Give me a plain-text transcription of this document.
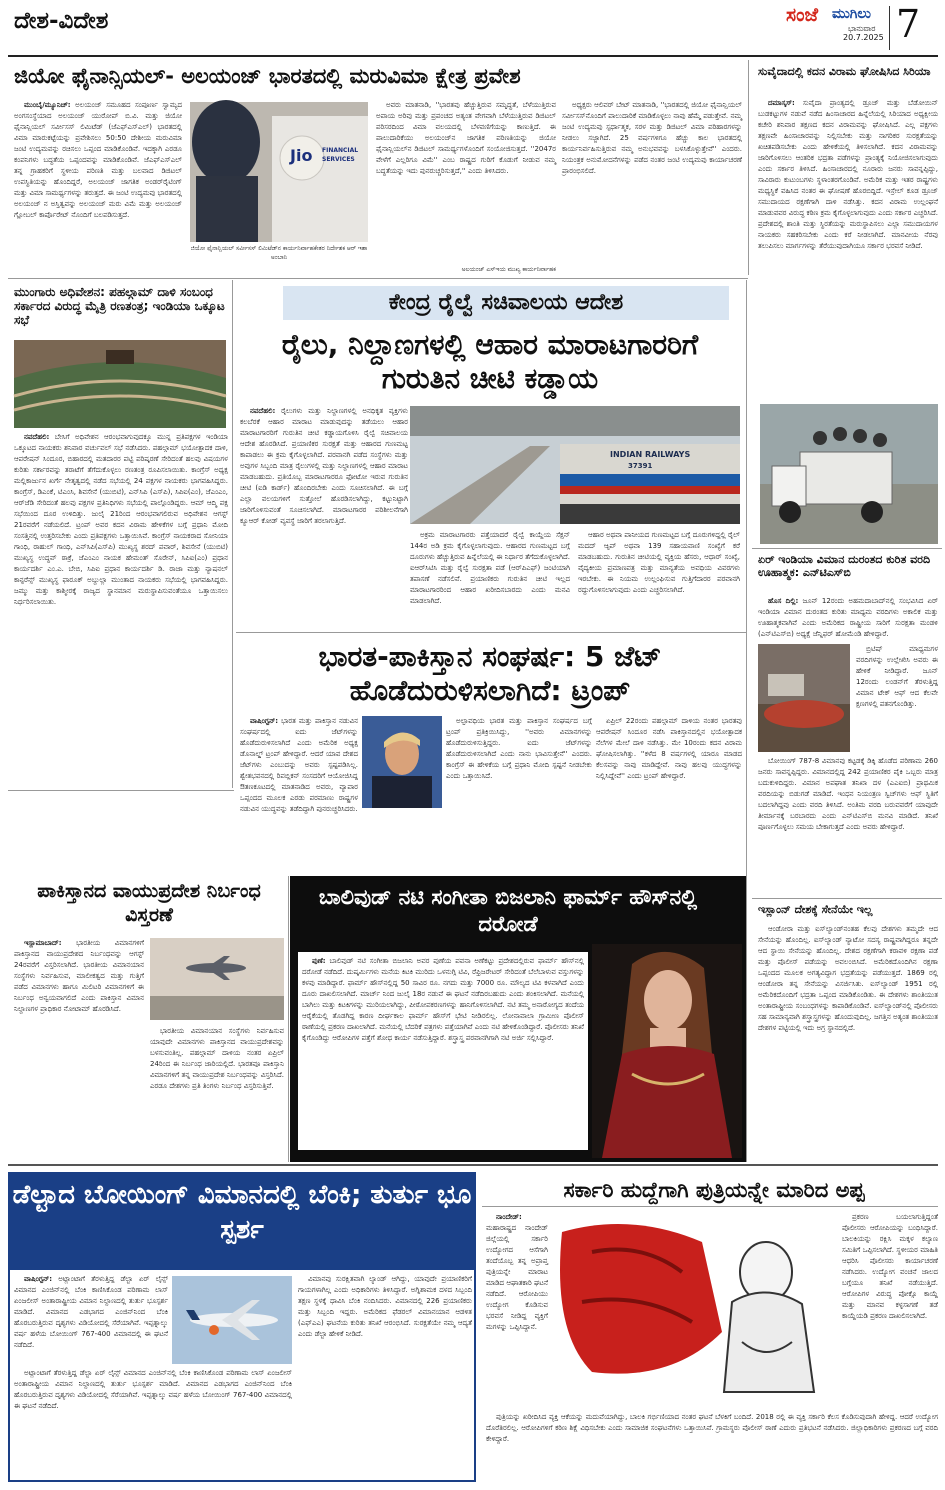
ದೇಶ-ವಿದೇಶ	ಸಂಜೆ ಮುಗಿಲು
ಭಾನುವಾರ
20.7.2025 7
ಜಿಯೋ ಫೈನಾನ್ಸಿಯಲ್- ಅಲಯಂಜ್ ಭಾರತದಲ್ಲಿ ಮರುವಿಮಾ ಕ್ಷೇತ್ರ ಪ್ರವೇಶ

ಮುಂಬೈ/ಮ್ಯೂನಿಚ್: ಅಲಯಂಜ್ ಸಮೂಹದ ಸಂಪೂರ್ಣ ಸ್ವಾಮ್ಯದ ಅಂಗಸಂಸ್ಥೆಯಾದ ಅಲಯಂಜ್ ಯುರೋಪ್ ಬಿ.ವಿ. ಮತ್ತು ಜಿಯೋ ಫೈನಾನ್ಷಿಯಲ್ ಸರ್ವೀಸಸ್ ಲಿಮಿಟೆಡ್ (ಜೆಎಫ್‌ಎಸ್‌ಎಲ್) ಭಾರತದಲ್ಲಿ ವಿಮಾ ಮಾರುಕಟ್ಟೆಯನ್ನು ಪ್ರವೇಶಿಸಲು 50:50 ದೇಶೀಯ ಮರುವಿಮಾ ಜಂಟಿ ಉದ್ಯಮವನ್ನು ರಚಿಸಲು ಒಪ್ಪಂದ ಮಾಡಿಕೊಂಡಿವೆ. ಇದಕ್ಕಾಗಿ ಎರಡೂ ಕಂಪನಿಗಳು ಬದ್ಧತೆಯ ಒಪ್ಪಂದವನ್ನು ಮಾಡಿಕೊಂಡಿವೆ. ಜೆಎಫ್‌ಎಸ್‌ಎಲ್ ತನ್ನ ಗ್ರಾಹಕರಿಗೆ ಸ್ಥಳೀಯ ಪರಿಣತಿ ಮತ್ತು ಬಲವಾದ ಡಿಜಿಟಲ್ ಉಪಸ್ಥಿತಿಯನ್ನು ಹೊಂದಿದ್ದರೆ, ಅಲಯಂಜ್ ಜಾಗತಿಕ ಅಂಡರ್‌ರೈಟಿಂಗ್ ಮತ್ತು ವಿಮಾ ಸಾಮರ್ಥ್ಯಗಳನ್ನು ತರುತ್ತದೆ. ಈ ಜಂಟಿ ಉದ್ಯಮವು ಭಾರತದಲ್ಲಿ ಅಲಯಂಜ್ ನ ಅಸ್ತಿತ್ವವನ್ನು ಅಲಯಂಜ್ ಮರು ವಿಮೆ ಮತ್ತು ಅಲಯಂಜ್ ಗ್ಲೋಬಲ್ ಕಾರ್ಪೊರೇಟ್ ನೊಂದಿಗೆ ಬಲಪಡಿಸುತ್ತದೆ.

Jio FINANCIAL SERVICES
ಜಿಯೋ ಫೈನಾನ್ಷಿಯಲ್ ಸರ್ವೀಸಸ್ ಲಿಮಿಟೆಡ್‌ನ ಕಾರ್ಯನಿರ್ವಾಹಕೇತರ ನಿರ್ದೇಶಕ ಆರ್ ಇಶಾ ಅಂಬಾನಿ

ಅವರು ಮಾತನಾಡಿ, ''ಭಾರತವು ಹೆಚ್ಚುತ್ತಿರುವ ಸಮೃದ್ಧತೆ, ಬೆಳೆಯುತ್ತಿರುವ ಅಪಾಯ ಅರಿವು ಮತ್ತು ಪ್ರಪಂಚದ ಅತ್ಯಂತ ವೇಗವಾಗಿ ಬೆಳೆಯುತ್ತಿರುವ ಡಿಜಿಟಲ್ ಪರಿಸರದಿಂದ ವಿಮಾ ವಲಯದಲ್ಲಿ ಬೆಳವಣಿಗೆಯನ್ನು ಕಾಣುತ್ತಿದೆ. ಈ ಪಾಲುದಾರಿಕೆಯು ಅಲಯಂಜ್‌ನ ಜಾಗತಿಕ ಪರಿಣತಿಯನ್ನು ಜಿಯೋ ಫೈನಾನ್ಷಿಯಲ್‌ನ ಡಿಜಿಟಲ್ ಸಾಮರ್ಥ್ಯಗಳೊಂದಿಗೆ ಸಂಯೋಜಿಸುತ್ತದೆ. ''2047ರ ವೇಳೆಗೆ ಎಲ್ಲರಿಗೂ ವಿಮೆ'' ಎಂಬ ರಾಷ್ಟ್ರದ ಗುರಿಗೆ ಕೊಡುಗೆ ನೀಡುವ ನಮ್ಮ ಬದ್ಧತೆಯನ್ನು ಇದು ಪುನರುಚ್ಚರಿಸುತ್ತದೆ,'' ಎಂದು ತಿಳಿಸಿದರು.

ಅಲಯಂಜ್ ಎಸ್‌ಇಯ ಮುಖ್ಯ ಕಾರ್ಯನಿರ್ವಾಹಕ

ಅಧ್ಯಕ್ಷರು ಆಲಿವರ್ ಬೇಟ್ ಮಾತನಾಡಿ, ''ಭಾರತದಲ್ಲಿ ಜಿಯೋ ಫೈನಾನ್ಷಿಯಲ್ ಸರ್ವೀಸಸ್‌ನೊಂದಿಗೆ ಪಾಲುದಾರಿಕೆ ಮಾಡಿಕೊಳ್ಳಲು ನಾವು ಹೆಮ್ಮೆ ಪಡುತ್ತೇವೆ. ನಮ್ಮ ಜಂಟಿ ಉದ್ಯಮವು ಸ್ಪರ್ಧಾತ್ಮಕ, ಸರಳ ಮತ್ತು ಡಿಜಿಟಲ್ ವಿಮಾ ಪರಿಹಾರಗಳನ್ನು ನೀಡಲು ಸಜ್ಜಾಗಿದೆ. 25 ವರ್ಷಗಳಿಗೂ ಹೆಚ್ಚು ಕಾಲ ಭಾರತದಲ್ಲಿ ಕಾರ್ಯನಿರ್ವಹಿಸುತ್ತಿರುವ ನಮ್ಮ ಅನುಭವವನ್ನು ಬಳಸಿಕೊಳ್ಳುತ್ತೇವೆ'' ಎಂದರು. ನಿಯಂತ್ರಕ ಅನುಮೋದನೆಗಳನ್ನು ಪಡೆದ ನಂತರ ಜಂಟಿ ಉದ್ಯಮವು ಕಾರ್ಯಾಚರಣೆ ಪ್ರಾರಂಭಿಸಲಿದೆ.

ಸುವೈದಾದಲ್ಲಿ ಕದನ ವಿರಾಮ ಘೋಷಿಸಿದ ಸಿರಿಯಾ

ದಮಾಸ್ಕಸ್: ಸುವೈದಾ ಪ್ರಾಂತ್ಯದಲ್ಲಿ ಡ್ರೂಜ್ ಮತ್ತು ಬೆಡೋಯಿನ್ ಬುಡಕಟ್ಟುಗಳ ನಡುವೆ ನಡೆದ ಹಿಂಸಾಚಾರದ ಹಿನ್ನೆಲೆಯಲ್ಲಿ ಸಿರಿಯಾದ ಅಧ್ಯಕ್ಷೀಯ ಕಚೇರಿ ಶನಿವಾರ ತಕ್ಷಣದ ಕದನ ವಿರಾಮವನ್ನು ಘೋಷಿಸಿದೆ. ಎಲ್ಲ ಪಕ್ಷಗಳು ತಕ್ಷಣವೇ ಹಿಂಸಾಚಾರವನ್ನು ನಿಲ್ಲಿಸಬೇಕು ಮತ್ತು ನಾಗರಿಕರ ಸುರಕ್ಷತೆಯನ್ನು ಖಚಿತಪಡಿಸಬೇಕು ಎಂದು ಹೇಳಿಕೆಯಲ್ಲಿ ತಿಳಿಸಲಾಗಿದೆ. ಕದನ ವಿರಾಮವನ್ನು ಜಾರಿಗೊಳಿಸಲು ಆಂತರಿಕ ಭದ್ರತಾ ಪಡೆಗಳನ್ನು ಪ್ರಾಂತ್ಯಕ್ಕೆ ನಿಯೋಜಿಸಲಾಗುವುದು ಎಂದು ಸರ್ಕಾರ ತಿಳಿಸಿದೆ. ಹಿಂಸಾಚಾರದಲ್ಲಿ ನೂರಾರು ಜನರು ಸಾವನ್ನಪ್ಪಿದ್ದು, ಸಾವಿರಾರು ಕುಟುಂಬಗಳು ಸ್ಥಳಾಂತರಗೊಂಡಿವೆ. ಅಮೆರಿಕ ಮತ್ತು ಇತರ ರಾಷ್ಟ್ರಗಳು ಮಧ್ಯಸ್ಥಿಕೆ ವಹಿಸಿದ ನಂತರ ಈ ಘೋಷಣೆ ಹೊರಬಿದ್ದಿದೆ. ಇಸ್ರೇಲ್ ಕೂಡ ಡ್ರೂಜ್ ಸಮುದಾಯದ ರಕ್ಷಣೆಗಾಗಿ ದಾಳಿ ನಡೆಸಿತ್ತು. ಕದನ ವಿರಾಮ ಉಲ್ಲಂಘನೆ ಮಾಡುವವರ ವಿರುದ್ಧ ಕಠಿಣ ಕ್ರಮ ಕೈಗೊಳ್ಳಲಾಗುವುದು ಎಂದು ಸರ್ಕಾರ ಎಚ್ಚರಿಸಿದೆ. ಪ್ರದೇಶದಲ್ಲಿ ಶಾಂತಿ ಮತ್ತು ಸ್ಥಿರತೆಯನ್ನು ಮರುಸ್ಥಾಪಿಸಲು ಎಲ್ಲಾ ಸಮುದಾಯಗಳ ನಾಯಕರು ಸಹಕರಿಸಬೇಕು ಎಂದು ಕರೆ ನೀಡಲಾಗಿದೆ. ಮಾನವೀಯ ನೆರವು ತಲುಪಿಸಲು ಮಾರ್ಗಗಳನ್ನು ತೆರೆಯುವುದಾಗಿಯೂ ಸರ್ಕಾರ ಭರವಸೆ ನೀಡಿದೆ.

ಏರ್ ಇಂಡಿಯಾ ವಿಮಾನ ದುರಂತದ ಕುರಿತ ವರದಿ ಊಹಾತ್ಮಕ: ಎನ್‌ಟಿಎಸ್‌ಬಿ

ಹೊಸ ದಿಲ್ಲಿ: ಜೂನ್ 12ರಂದು ಅಹಮದಾಬಾದ್‌ನಲ್ಲಿ ಸಂಭವಿಸಿದ ಏರ್ ಇಂಡಿಯಾ ವಿಮಾನ ದುರಂತದ ಕುರಿತು ಮಾಧ್ಯಮ ವರದಿಗಳು ಅಕಾಲಿಕ ಮತ್ತು ಊಹಾತ್ಮಕವಾಗಿವೆ ಎಂದು ಅಮೆರಿಕದ ರಾಷ್ಟ್ರೀಯ ಸಾರಿಗೆ ಸುರಕ್ಷತಾ ಮಂಡಳಿ (ಎನ್‌ಟಿಎಸ್‌ಬಿ) ಅಧ್ಯಕ್ಷೆ ಜೆನ್ನಿಫರ್ ಹೋಮೆಂಡಿ ಹೇಳಿದ್ದಾರೆ.

ಬ್ರಿಟಿಷ್ ಮಾಧ್ಯಮಗಳ ವರದಿಗಳನ್ನು ಉಲ್ಲೇಖಿಸಿ ಅವರು ಈ ಹೇಳಿಕೆ ನೀಡಿದ್ದಾರೆ. ಜೂನ್ 12ರಂದು ಲಂಡನ್‌ಗೆ ತೆರಳುತ್ತಿದ್ದ ವಿಮಾನ ಟೇಕ್ ಆಫ್ ಆದ ಕೆಲವೇ ಕ್ಷಣಗಳಲ್ಲಿ ಪತನಗೊಂಡಿತ್ತು.

ಬೋಯಿಂಗ್ 787-8 ವಿಮಾನವು ಕಟ್ಟಡಕ್ಕೆ ಡಿಕ್ಕಿ ಹೊಡೆದ ಪರಿಣಾಮ 260 ಜನರು ಸಾವನ್ನಪ್ಪಿದ್ದರು. ವಿಮಾನದಲ್ಲಿದ್ದ 242 ಪ್ರಯಾಣಿಕರ ಪೈಕಿ ಒಬ್ಬರು ಮಾತ್ರ ಬದುಕುಳಿದಿದ್ದರು. ವಿಮಾನ ಅಪಘಾತ ತನಿಖಾ ದಳ (ಎಎಐಬಿ) ಪ್ರಾಥಮಿಕ ವರದಿಯನ್ನು ಬಿಡುಗಡೆ ಮಾಡಿದೆ. ಇಂಧನ ನಿಯಂತ್ರಣ ಸ್ವಿಚ್‌ಗಳು ಆಫ್ ಸ್ಥಿತಿಗೆ ಬದಲಾಗಿದ್ದವು ಎಂದು ವರದಿ ತಿಳಿಸಿದೆ. ಅಂತಿಮ ವರದಿ ಬರುವವರೆಗೆ ಯಾವುದೇ ತೀರ್ಮಾನಕ್ಕೆ ಬರಬಾರದು ಎಂದು ಎನ್‌ಟಿಎಸ್‌ಬಿ ಮನವಿ ಮಾಡಿದೆ. ತನಿಖೆ ಪೂರ್ಣಗೊಳ್ಳಲು ಸಮಯ ಬೇಕಾಗುತ್ತದೆ ಎಂದು ಅವರು ಹೇಳಿದ್ದಾರೆ.

ಇಸ್ಲಾಂನ್ ದೇಶಕ್ಕೆ ಸೇನೆಯೇ ಇಲ್ಲ

ಆಂಡೋರಾ ಮತ್ತು ಐಸ್‌ಲ್ಯಾಂಡ್‌ನಂತಹ ಕೆಲವು ದೇಶಗಳು ತಮ್ಮದೇ ಆದ ಸೇನೆಯನ್ನು ಹೊಂದಿಲ್ಲ. ಐಸ್‌ಲ್ಯಾಂಡ್ ನ್ಯಾಟೋ ಸದಸ್ಯ ರಾಷ್ಟ್ರವಾಗಿದ್ದರೂ ತನ್ನದೇ ಆದ ಸ್ಥಾಯಿ ಸೇನೆಯನ್ನು ಹೊಂದಿಲ್ಲ. ದೇಶದ ರಕ್ಷಣೆಗಾಗಿ ಕರಾವಳಿ ರಕ್ಷಣಾ ಪಡೆ ಮತ್ತು ಪೊಲೀಸ್ ಪಡೆಯನ್ನು ಅವಲಂಬಿಸಿದೆ. ಅಮೆರಿಕದೊಂದಿಗಿನ ರಕ್ಷಣಾ ಒಪ್ಪಂದದ ಮೂಲಕ ಅಗತ್ಯವಿದ್ದಾಗ ಭದ್ರತೆಯನ್ನು ಪಡೆಯುತ್ತದೆ. 1869 ರಲ್ಲಿ ಆಂಡೋರಾ ತನ್ನ ಸೇನೆಯನ್ನು ವಿಸರ್ಜಿಸಿತು. ಐಸ್‌ಲ್ಯಾಂಡ್ 1951 ರಲ್ಲಿ ಅಮೆರಿಕದೊಂದಿಗೆ ಭದ್ರತಾ ಒಪ್ಪಂದ ಮಾಡಿಕೊಂಡಿತು. ಈ ದೇಶಗಳು ಶಾಂತಿಯುತ ಅಂತಾರಾಷ್ಟ್ರೀಯ ಸಂಬಂಧಗಳನ್ನು ಕಾಪಾಡಿಕೊಂಡಿವೆ. ಐಸ್‌ಲ್ಯಾಂಡ್‌ನಲ್ಲಿ ಪೊಲೀಸರು ಸಹ ಸಾಮಾನ್ಯವಾಗಿ ಶಸ್ತ್ರಾಸ್ತ್ರಗಳನ್ನು ಹೊಂದುವುದಿಲ್ಲ. ಜಗತ್ತಿನ ಅತ್ಯಂತ ಶಾಂತಿಯುತ ದೇಶಗಳ ಪಟ್ಟಿಯಲ್ಲಿ ಇದು ಅಗ್ರ ಸ್ಥಾನದಲ್ಲಿದೆ.

ಮುಂಗಾರು ಅಧಿವೇಶನ: ಪಹಲ್ಗಾಮ್ ದಾಳಿ ಸಂಬಂಧ ಸರ್ಕಾರದ ವಿರುದ್ಧ ಮೈತ್ರಿ ರಣತಂತ್ರ; ಇಂಡಿಯಾ ಒಕ್ಕೂಟ ಸಭೆ

ನವದೆಹಲಿ: ಬೇಸಿಗೆ ಅಧಿವೇಶನ ಆರಂಭವಾಗುವುದಕ್ಕೂ ಮುನ್ನ ಪ್ರತಿಪಕ್ಷಗಳ ಇಂಡಿಯಾ ಒಕ್ಕೂಟದ ನಾಯಕರು ಶನಿವಾರ ವರ್ಚುವಲ್ ಸಭೆ ನಡೆಸಿದರು. ಪಹಲ್ಗಾಮ್ ಭಯೋತ್ಪಾದಕ ದಾಳಿ, ಆಪರೇಷನ್ ಸಿಂದೂರ, ಬಿಹಾರದಲ್ಲಿ ಮತದಾರರ ಪಟ್ಟಿ ಪರಿಷ್ಕರಣೆ ಸೇರಿದಂತೆ ಹಲವು ವಿಷಯಗಳ ಕುರಿತು ಸರ್ಕಾರವನ್ನು ತರಾಟೆಗೆ ತೆಗೆದುಕೊಳ್ಳಲು ರಣತಂತ್ರ ರೂಪಿಸಲಾಯಿತು. ಕಾಂಗ್ರೆಸ್ ಅಧ್ಯಕ್ಷ ಮಲ್ಲಿಕಾರ್ಜುನ ಖರ್ಗೆ ನೇತೃತ್ವದಲ್ಲಿ ನಡೆದ ಸಭೆಯಲ್ಲಿ 24 ಪಕ್ಷಗಳ ನಾಯಕರು ಭಾಗವಹಿಸಿದ್ದರು. ಕಾಂಗ್ರೆಸ್, ಡಿಎಂಕೆ, ಟಿಎಂಸಿ, ಶಿವಸೇನೆ (ಯುಬಿಟಿ), ಎನ್‌ಸಿಪಿ (ಎಸ್‌ಪಿ), ಸಿಪಿಐ(ಎಂ), ಜೆಎಂಎಂ, ಆರ್‌ಜೆಡಿ ಸೇರಿದಂತೆ ಹಲವು ಪಕ್ಷಗಳ ಪ್ರತಿನಿಧಿಗಳು ಸಭೆಯಲ್ಲಿ ಪಾಲ್ಗೊಂಡಿದ್ದರು. ಆಮ್ ಆದ್ಮಿ ಪಕ್ಷ ಸಭೆಯಿಂದ ದೂರ ಉಳಿದಿತ್ತು. ಜುಲೈ 21ರಿಂದ ಆರಂಭವಾಗಲಿರುವ ಅಧಿವೇಶನ ಆಗಸ್ಟ್ 21ರವರೆಗೆ ನಡೆಯಲಿದೆ. ಟ್ರಂಪ್ ಅವರ ಕದನ ವಿರಾಮ ಹೇಳಿಕೆಗಳ ಬಗ್ಗೆ ಪ್ರಧಾನಿ ಮೋದಿ ಸಂಸತ್ತಿನಲ್ಲಿ ಉತ್ತರಿಸಬೇಕು ಎಂದು ಪ್ರತಿಪಕ್ಷಗಳು ಒತ್ತಾಯಿಸಿವೆ. ಕಾಂಗ್ರೆಸ್ ನಾಯಕರಾದ ಸೋನಿಯಾ ಗಾಂಧಿ, ರಾಹುಲ್ ಗಾಂಧಿ, ಎನ್‌ಸಿಪಿ(ಎಸ್‌ಪಿ) ಮುಖ್ಯಸ್ಥ ಶರದ್ ಪವಾರ್, ಶಿವಸೇನೆ (ಯುಬಿಟಿ) ಮುಖ್ಯಸ್ಥ ಉದ್ಧವ್ ಠಾಕ್ರೆ, ಜೆಎಂಎಂ ನಾಯಕ ಹೇಮಂತ್ ಸೊರೇನ್, ಸಿಪಿಐ(ಎಂ) ಪ್ರಧಾನ ಕಾರ್ಯದರ್ಶಿ ಎಂ.ಎ. ಬೇಬಿ, ಸಿಪಿಐ ಪ್ರಧಾನ ಕಾರ್ಯದರ್ಶಿ ಡಿ. ರಾಜಾ ಮತ್ತು ನ್ಯಾಷನಲ್ ಕಾನ್ಫರೆನ್ಸ್ ಮುಖ್ಯಸ್ಥ ಫಾರೂಕ್ ಅಬ್ದುಲ್ಲಾ ಮುಂತಾದ ನಾಯಕರು ಸಭೆಯಲ್ಲಿ ಭಾಗವಹಿಸಿದ್ದರು. ಜಮ್ಮು ಮತ್ತು ಕಾಶ್ಮೀರಕ್ಕೆ ರಾಜ್ಯದ ಸ್ಥಾನಮಾನ ಮರುಸ್ಥಾಪಿಸುವಂತೆಯೂ ಒತ್ತಾಯಿಸಲು ನಿರ್ಧರಿಸಲಾಯಿತು.

ಕೇಂದ್ರ ರೈಲ್ವೆ ಸಚಿವಾಲಯ ಆದೇಶ
ರೈಲು, ನಿಲ್ದಾಣಗಳಲ್ಲಿ ಆಹಾರ ಮಾರಾಟಗಾರರಿಗೆ ಗುರುತಿನ ಚೀಟಿ ಕಡ್ಡಾಯ

ನವದೆಹಲಿ: ರೈಲುಗಳು ಮತ್ತು ನಿಲ್ದಾಣಗಳಲ್ಲಿ ಅನಧಿಕೃತ ವ್ಯಕ್ತಿಗಳು ಕಲಬೆರಕೆ ಆಹಾರ ಮಾರಾಟ ಮಾಡುವುದನ್ನು ತಡೆಯಲು ಆಹಾರ ಮಾರಾಟಗಾರರಿಗೆ ಗುರುತಿನ ಚೀಟಿ ಕಡ್ಡಾಯಗೊಳಿಸಿ ರೈಲ್ವೆ ಸಚಿವಾಲಯ ಆದೇಶ ಹೊರಡಿಸಿದೆ. ಪ್ರಯಾಣಿಕರ ಸುರಕ್ಷತೆ ಮತ್ತು ಆಹಾರದ ಗುಣಮಟ್ಟ ಕಾಪಾಡಲು ಈ ಕ್ರಮ ಕೈಗೊಳ್ಳಲಾಗಿದೆ. ಪರವಾನಗಿ ಪಡೆದ ಸಂಸ್ಥೆಗಳು ಮತ್ತು ಅವುಗಳ ಸಿಬ್ಬಂದಿ ಮಾತ್ರ ರೈಲುಗಳಲ್ಲಿ ಮತ್ತು ನಿಲ್ದಾಣಗಳಲ್ಲಿ ಆಹಾರ ಮಾರಾಟ ಮಾಡಬಹುದು. ಪ್ರತಿಯೊಬ್ಬ ಮಾರಾಟಗಾರರೂ ಫೋಟೋ ಇರುವ ಗುರುತಿನ ಚೀಟಿ (ಐಡಿ ಕಾರ್ಡ್) ಹೊಂದಿರಬೇಕು ಎಂದು ಸೂಚಿಸಲಾಗಿದೆ. ಈ ಬಗ್ಗೆ ಎಲ್ಲಾ ವಲಯಗಳಿಗೆ ಸುತ್ತೋಲೆ ಹೊರಡಿಸಲಾಗಿದ್ದು, ಕಟ್ಟುನಿಟ್ಟಾಗಿ ಜಾರಿಗೊಳಿಸುವಂತೆ ಸೂಚಿಸಲಾಗಿದೆ. ಮಾರಾಟಗಾರರ ಪರಿಶೀಲನೆಗಾಗಿ ಕ್ಯೂಆರ್ ಕೋಡ್ ವ್ಯವಸ್ಥೆ ಜಾರಿಗೆ ತರಲಾಗುತ್ತಿದೆ.

INDIAN RAILWAYS
37391

ಅಕ್ರಮ ಮಾರಾಟಗಾರರು ಪತ್ತೆಯಾದರೆ ರೈಲ್ವೆ ಕಾಯ್ದೆಯ ಸೆಕ್ಷನ್ 144ರ ಅಡಿ ಕ್ರಮ ಕೈಗೊಳ್ಳಲಾಗುವುದು. ಆಹಾರದ ಗುಣಮಟ್ಟದ ಬಗ್ಗೆ ದೂರುಗಳು ಹೆಚ್ಚುತ್ತಿರುವ ಹಿನ್ನೆಲೆಯಲ್ಲಿ ಈ ನಿರ್ಧಾರ ತೆಗೆದುಕೊಳ್ಳಲಾಗಿದೆ. ಐಆರ್‌ಸಿಟಿಸಿ ಮತ್ತು ರೈಲ್ವೆ ಸುರಕ್ಷತಾ ಪಡೆ (ಆರ್‌ಪಿಎಫ್) ಜಂಟಿಯಾಗಿ ತಪಾಸಣೆ ನಡೆಸಲಿವೆ. ಪ್ರಯಾಣಿಕರು ಗುರುತಿನ ಚೀಟಿ ಇಲ್ಲದ ಮಾರಾಟಗಾರರಿಂದ ಆಹಾರ ಖರೀದಿಸಬಾರದು ಎಂದು ಮನವಿ ಮಾಡಲಾಗಿದೆ.

ಆಹಾರ ಅಥವಾ ಪಾನೀಯದ ಗುಣಮಟ್ಟದ ಬಗ್ಗೆ ದೂರುಗಳಿದ್ದಲ್ಲಿ ರೈಲ್ ಮದದ್ ಆ್ಯಪ್ ಅಥವಾ 139 ಸಹಾಯವಾಣಿ ಸಂಖ್ಯೆಗೆ ಕರೆ ಮಾಡಬಹುದು. ಗುರುತಿನ ಚೀಟಿಯಲ್ಲಿ ವ್ಯಕ್ತಿಯ ಹೆಸರು, ಆಧಾರ್ ಸಂಖ್ಯೆ, ವೈದ್ಯಕೀಯ ಪ್ರಮಾಣಪತ್ರ ಮತ್ತು ಮಾನ್ಯತೆಯ ಅವಧಿಯ ವಿವರಗಳು ಇರಬೇಕು. ಈ ನಿಯಮ ಉಲ್ಲಂಘಿಸುವ ಗುತ್ತಿಗೆದಾರರ ಪರವಾನಗಿ ರದ್ದುಗೊಳಿಸಲಾಗುವುದು ಎಂದು ಎಚ್ಚರಿಸಲಾಗಿದೆ.

ಭಾರತ-ಪಾಕಿಸ್ತಾನ ಸಂಘರ್ಷ: 5 ಜೆಟ್ ಹೊಡೆದುರುಳಿಸಲಾಗಿದೆ: ಟ್ರಂಪ್

ವಾಷಿಂಗ್ಟನ್: ಭಾರತ ಮತ್ತು ಪಾಕಿಸ್ತಾನ ನಡುವಿನ ಸಂಘರ್ಷದಲ್ಲಿ ಐದು ಜೆಟ್‌ಗಳನ್ನು ಹೊಡೆದುರುಳಿಸಲಾಗಿದೆ ಎಂದು ಅಮೆರಿಕ ಅಧ್ಯಕ್ಷ ಡೊನಾಲ್ಡ್ ಟ್ರಂಪ್ ಹೇಳಿದ್ದಾರೆ. ಆದರೆ ಯಾವ ದೇಶದ ಜೆಟ್‌ಗಳು ಎಂಬುದನ್ನು ಅವರು ಸ್ಪಷ್ಟಪಡಿಸಿಲ್ಲ. ಶ್ವೇತಭವನದಲ್ಲಿ ರಿಪಬ್ಲಿಕನ್ ಸಂಸದರಿಗೆ ಆಯೋಜಿಸಿದ್ದ ಔತಣಕೂಟದಲ್ಲಿ ಮಾತನಾಡಿದ ಅವರು, ವ್ಯಾಪಾರ ಒಪ್ಪಂದದ ಮೂಲಕ ಎರಡು ಪರಮಾಣು ರಾಷ್ಟ್ರಗಳ ನಡುವಿನ ಯುದ್ಧವನ್ನು ತಡೆದಿದ್ದಾಗಿ ಪುನರುಚ್ಚರಿಸಿದರು.

ಅಲ್ಪಾವಧಿಯ ಭಾರತ ಮತ್ತು ಪಾಕಿಸ್ತಾನ ಸಂಘರ್ಷದ ಬಗ್ಗೆ ಟ್ರಂಪ್ ಪ್ರತಿಕ್ರಿಯಿಸಿದ್ದು, ''ಅವರು ವಿಮಾನಗಳನ್ನು ಹೊಡೆದುರುಳಿಸುತ್ತಿದ್ದರು. ಐದು ಜೆಟ್‌ಗಳನ್ನು ಹೊಡೆದುರುಳಿಸಲಾಗಿದೆ ಎಂದು ನಾನು ಭಾವಿಸುತ್ತೇನೆ'' ಎಂದರು. ಕಾಂಗ್ರೆಸ್ ಈ ಹೇಳಿಕೆಯ ಬಗ್ಗೆ ಪ್ರಧಾನಿ ಮೋದಿ ಸ್ಪಷ್ಟನೆ ನೀಡಬೇಕು ಎಂದು ಒತ್ತಾಯಿಸಿದೆ.

ಏಪ್ರಿಲ್ 22ರಂದು ಪಹಲ್ಗಾಮ್ ದಾಳಿಯ ನಂತರ ಭಾರತವು ಆಪರೇಷನ್ ಸಿಂದೂರ ನಡೆಸಿ ಪಾಕಿಸ್ತಾನದಲ್ಲಿನ ಭಯೋತ್ಪಾದಕ ನೆಲೆಗಳ ಮೇಲೆ ದಾಳಿ ನಡೆಸಿತ್ತು. ಮೇ 10ರಂದು ಕದನ ವಿರಾಮ ಘೋಷಿಸಲಾಗಿತ್ತು. ''ಕಳೆದ 8 ವರ್ಷಗಳಲ್ಲಿ ಯಾರೂ ಮಾಡದ ಕೆಲಸವನ್ನು ನಾವು ಮಾಡಿದ್ದೇವೆ. ನಾವು ಹಲವು ಯುದ್ಧಗಳನ್ನು ನಿಲ್ಲಿಸಿದ್ದೇವೆ'' ಎಂದು ಟ್ರಂಪ್ ಹೇಳಿದ್ದಾರೆ.

ಪಾಕಿಸ್ತಾನದ ವಾಯುಪ್ರದೇಶ ನಿರ್ಬಂಧ ವಿಸ್ತರಣೆ

ಇಸ್ಲಾಮಾಬಾದ್: ಭಾರತೀಯ ವಿಮಾನಗಳಿಗೆ ಪಾಕಿಸ್ತಾನದ ವಾಯುಪ್ರದೇಶದ ನಿರ್ಬಂಧವನ್ನು ಆಗಸ್ಟ್ 24ರವರೆಗೆ ವಿಸ್ತರಿಸಲಾಗಿದೆ. ಭಾರತೀಯ ವಿಮಾನಯಾನ ಸಂಸ್ಥೆಗಳು ನಿರ್ವಹಿಸುವ, ಮಾಲೀಕತ್ವದ ಮತ್ತು ಗುತ್ತಿಗೆ ಪಡೆದ ವಿಮಾನಗಳು ಹಾಗೂ ಮಿಲಿಟರಿ ವಿಮಾನಗಳಿಗೆ ಈ ನಿರ್ಬಂಧ ಅನ್ವಯವಾಗಲಿದೆ ಎಂದು ಪಾಕಿಸ್ತಾನ ವಿಮಾನ ನಿಲ್ದಾಣಗಳ ಪ್ರಾಧಿಕಾರ ನೋಟಾಮ್ ಹೊರಡಿಸಿದೆ.

ಭಾರತೀಯ ವಿಮಾನಯಾನ ಸಂಸ್ಥೆಗಳು ನಿರ್ವಹಿಸುವ ಯಾವುದೇ ವಿಮಾನಗಳು ಪಾಕಿಸ್ತಾನದ ವಾಯುಪ್ರದೇಶವನ್ನು ಬಳಸುವಂತಿಲ್ಲ. ಪಹಲ್ಗಾಮ್ ದಾಳಿಯ ನಂತರ ಏಪ್ರಿಲ್ 24ರಿಂದ ಈ ನಿರ್ಬಂಧ ಜಾರಿಯಲ್ಲಿದೆ. ಭಾರತವೂ ಪಾಕಿಸ್ತಾನಿ ವಿಮಾನಗಳಿಗೆ ತನ್ನ ವಾಯುಪ್ರದೇಶ ನಿರ್ಬಂಧವನ್ನು ವಿಸ್ತರಿಸಿದೆ. ಎರಡೂ ದೇಶಗಳು ಪ್ರತಿ ತಿಂಗಳು ನಿರ್ಬಂಧ ವಿಸ್ತರಿಸುತ್ತಿವೆ.

ಬಾಲಿವುಡ್ ನಟಿ ಸಂಗೀತಾ ಬಿಜಲಾನಿ ಫಾರ್ಮ್ ಹೌಸ್‌ನಲ್ಲಿ ದರೋಡೆ

ಪುಣೆ: ಬಾಲಿವುಡ್ ನಟಿ ಸಂಗೀತಾ ಬಿಜಲಾನಿ ಅವರ ಪುಣೆಯ ಪವನಾ ಅಣೆಕಟ್ಟು ಪ್ರದೇಶದಲ್ಲಿರುವ ಫಾರ್ಮ್ ಹೌಸ್‌ನಲ್ಲಿ ದರೋಡೆ ನಡೆದಿದೆ. ದುಷ್ಕರ್ಮಿಗಳು ಮನೆಯ ಕಿಟಕಿ ಮುರಿದು ಒಳನುಗ್ಗಿ ಟಿವಿ, ರೆಫ್ರಿಜರೇಟರ್ ಸೇರಿದಂತೆ ಬೆಲೆಬಾಳುವ ವಸ್ತುಗಳನ್ನು ಕಳವು ಮಾಡಿದ್ದಾರೆ. ಫಾರ್ಮ್ ಹೌಸ್‌ನಲ್ಲಿದ್ದ 50 ಸಾವಿರ ರೂ. ನಗದು ಮತ್ತು 7000 ರೂ. ಮೌಲ್ಯದ ಟಿವಿ ಕಳವಾಗಿದೆ ಎಂದು ದೂರು ದಾಖಲಿಸಲಾಗಿದೆ. ಮಾರ್ಚ್ ನಿಂದ ಜುಲೈ 18ರ ನಡುವೆ ಈ ಘಟನೆ ನಡೆದಿರಬಹುದು ಎಂದು ಶಂಕಿಸಲಾಗಿದೆ. ಮನೆಯಲ್ಲಿ ಬಾಗಿಲು ಮತ್ತು ಕಿಟಕಿಗಳನ್ನು ಮುರಿಯಲಾಗಿದ್ದು, ಪೀಠೋಪಕರಣಗಳನ್ನು ಹಾನಿಗೊಳಿಸಲಾಗಿದೆ. ನಟಿ ತಮ್ಮ ಅನಾರೋಗ್ಯದ ತಂದೆಯ ಆರೈಕೆಯಲ್ಲಿ ತೊಡಗಿದ್ದ ಕಾರಣ ದೀರ್ಘಕಾಲ ಫಾರ್ಮ್ ಹೌಸ್‌ಗೆ ಭೇಟಿ ನೀಡಿರಲಿಲ್ಲ. ಲೋನಾವಾಲಾ ಗ್ರಾಮೀಣ ಪೊಲೀಸ್ ಠಾಣೆಯಲ್ಲಿ ಪ್ರಕರಣ ದಾಖಲಾಗಿದೆ. ಮನೆಯಲ್ಲಿ ಬೆದರಿಕೆ ಪತ್ರಗಳು ಪತ್ತೆಯಾಗಿವೆ ಎಂದು ನಟಿ ಹೇಳಿಕೊಂಡಿದ್ದಾರೆ. ಪೊಲೀಸರು ತನಿಖೆ ಕೈಗೊಂಡಿದ್ದು ಆರೋಪಿಗಳ ಪತ್ತೆಗೆ ಶೋಧ ಕಾರ್ಯ ನಡೆಸುತ್ತಿದ್ದಾರೆ. ಶಸ್ತ್ರಾಸ್ತ್ರ ಪರವಾನಗಿಗಾಗಿ ನಟಿ ಅರ್ಜಿ ಸಲ್ಲಿಸಿದ್ದಾರೆ.

ಡೆಲ್ಟಾದ ಬೋಯಿಂಗ್ ವಿಮಾನದಲ್ಲಿ ಬೆಂಕಿ; ತುರ್ತು ಭೂ ಸ್ಪರ್ಶ

ವಾಷಿಂಗ್ಟನ್: ಅಟ್ಲಾಂಟಾಗೆ ತೆರಳುತ್ತಿದ್ದ ಡೆಲ್ಟಾ ಏರ್ ಲೈನ್ಸ್ ವಿಮಾನದ ಎಂಜಿನ್‌ನಲ್ಲಿ ಬೆಂಕಿ ಕಾಣಿಸಿಕೊಂಡ ಪರಿಣಾಮ ಲಾಸ್ ಏಂಜಲೀಸ್ ಅಂತಾರಾಷ್ಟ್ರೀಯ ವಿಮಾನ ನಿಲ್ದಾಣದಲ್ಲಿ ತುರ್ತು ಭೂಸ್ಪರ್ಶ ಮಾಡಿದೆ. ವಿಮಾನದ ಎಡಭಾಗದ ಎಂಜಿನ್‌ನಿಂದ ಬೆಂಕಿ ಹೊರಬರುತ್ತಿರುವ ದೃಶ್ಯಗಳು ವಿಡಿಯೋದಲ್ಲಿ ಸೆರೆಯಾಗಿವೆ. ಇಪ್ಪತ್ನಾಲ್ಕು ವರ್ಷ ಹಳೆಯ ಬೋಯಿಂಗ್ 767-400 ವಿಮಾನದಲ್ಲಿ ಈ ಘಟನೆ ನಡೆದಿದೆ.

ಅಟ್ಲಾಂಟಾಗೆ ತೆರಳುತ್ತಿದ್ದ ಡೆಲ್ಟಾ ಏರ್ ಲೈನ್ಸ್ ವಿಮಾನದ ಎಂಜಿನ್‌ನಲ್ಲಿ ಬೆಂಕಿ ಕಾಣಿಸಿಕೊಂಡ ಪರಿಣಾಮ ಲಾಸ್ ಏಂಜಲೀಸ್ ಅಂತಾರಾಷ್ಟ್ರೀಯ ವಿಮಾನ ನಿಲ್ದಾಣದಲ್ಲಿ ತುರ್ತು ಭೂಸ್ಪರ್ಶ ಮಾಡಿದೆ. ವಿಮಾನದ ಎಡಭಾಗದ ಎಂಜಿನ್‌ನಿಂದ ಬೆಂಕಿ ಹೊರಬರುತ್ತಿರುವ ದೃಶ್ಯಗಳು ವಿಡಿಯೋದಲ್ಲಿ ಸೆರೆಯಾಗಿವೆ. ಇಪ್ಪತ್ನಾಲ್ಕು ವರ್ಷ ಹಳೆಯ ಬೋಯಿಂಗ್ 767-400 ವಿಮಾನದಲ್ಲಿ ಈ ಘಟನೆ ನಡೆದಿದೆ.

ವಿಮಾನವು ಸುರಕ್ಷಿತವಾಗಿ ಲ್ಯಾಂಡ್ ಆಗಿದ್ದು, ಯಾವುದೇ ಪ್ರಯಾಣಿಕರಿಗೆ ಗಾಯಗಳಾಗಿಲ್ಲ ಎಂದು ಅಧಿಕಾರಿಗಳು ತಿಳಿಸಿದ್ದಾರೆ. ಅಗ್ನಿಶಾಮಕ ದಳದ ಸಿಬ್ಬಂದಿ ತಕ್ಷಣ ಸ್ಥಳಕ್ಕೆ ಧಾವಿಸಿ ಬೆಂಕಿ ನಂದಿಸಿದರು. ವಿಮಾನದಲ್ಲಿ 226 ಪ್ರಯಾಣಿಕರು ಮತ್ತು ಸಿಬ್ಬಂದಿ ಇದ್ದರು. ಅಮೆರಿಕದ ಫೆಡರಲ್ ವಿಮಾನಯಾನ ಆಡಳಿತ (ಎಫ್‌ಎಎ) ಘಟನೆಯ ಕುರಿತು ತನಿಖೆ ಆರಂಭಿಸಿದೆ. ಸುರಕ್ಷತೆಯೇ ನಮ್ಮ ಆದ್ಯತೆ ಎಂದು ಡೆಲ್ಟಾ ಹೇಳಿಕೆ ನೀಡಿದೆ.

ಸರ್ಕಾರಿ ಹುದ್ದೆಗಾಗಿ ಪುತ್ರಿಯನ್ನೇ ಮಾರಿದ ಅಪ್ಪ

ನಾಂದೇಡ್: ಮಹಾರಾಷ್ಟ್ರದ ನಾಂದೇಡ್ ಜಿಲ್ಲೆಯಲ್ಲಿ ಸರ್ಕಾರಿ ಉದ್ಯೋಗದ ಆಸೆಗಾಗಿ ತಂದೆಯೊಬ್ಬ ತನ್ನ ಅಪ್ರಾಪ್ತ ಪುತ್ರಿಯನ್ನೇ ಮಾರಾಟ ಮಾಡಿದ ಆಘಾತಕಾರಿ ಘಟನೆ ನಡೆದಿದೆ. ಆರೋಪಿಯು ಉದ್ಯೋಗ ಕೊಡಿಸುವ ಭರವಸೆ ನೀಡಿದ್ದ ವ್ಯಕ್ತಿಗೆ ಮಗಳನ್ನು ಒಪ್ಪಿಸಿದ್ದಾನೆ.

ಪ್ರಕರಣ ಬಯಲಾಗುತ್ತಿದ್ದಂತೆ ಪೊಲೀಸರು ಆರೋಪಿಯನ್ನು ಬಂಧಿಸಿದ್ದಾರೆ. ಬಾಲಕಿಯನ್ನು ರಕ್ಷಿಸಿ ಮಕ್ಕಳ ಕಲ್ಯಾಣ ಸಮಿತಿಗೆ ಒಪ್ಪಿಸಲಾಗಿದೆ. ಸ್ಥಳೀಯರ ಮಾಹಿತಿ ಆಧರಿಸಿ ಪೊಲೀಸರು ಕಾರ್ಯಾಚರಣೆ ನಡೆಸಿದರು. ಉದ್ಯೋಗ ವಂಚನೆ ಜಾಲದ ಬಗ್ಗೆಯೂ ತನಿಖೆ ನಡೆಯುತ್ತಿದೆ. ಆರೋಪಿಗಳ ವಿರುದ್ಧ ಪೋಕ್ಸೊ ಕಾಯ್ದೆ ಮತ್ತು ಮಾನವ ಕಳ್ಳಸಾಗಣೆ ತಡೆ ಕಾಯ್ದೆಯಡಿ ಪ್ರಕರಣ ದಾಖಲಿಸಲಾಗಿದೆ.

ಪುತ್ರಿಯನ್ನು ಖರೀದಿಸಿದ ವ್ಯಕ್ತಿ ಆಕೆಯನ್ನು ಮದುವೆಯಾಗಿದ್ದು, ಬಾಲಕಿ ಗರ್ಭಿಣಿಯಾದ ನಂತರ ಘಟನೆ ಬೆಳಕಿಗೆ ಬಂದಿದೆ. 2018 ರಲ್ಲಿ ಈ ವ್ಯಕ್ತಿ ಸರ್ಕಾರಿ ಕೆಲಸ ಕೊಡಿಸುವುದಾಗಿ ಹೇಳಿದ್ದ. ಆದರೆ ಉದ್ಯೋಗ ದೊರೆತಿರಲಿಲ್ಲ. ಆರೋಪಿಗಳಿಗೆ ಕಠಿಣ ಶಿಕ್ಷೆ ವಿಧಿಸಬೇಕು ಎಂದು ಸಾಮಾಜಿಕ ಸಂಘಟನೆಗಳು ಒತ್ತಾಯಿಸಿವೆ. ಗ್ರಾಮಸ್ಥರು ಪೊಲೀಸ್ ಠಾಣೆ ಎದುರು ಪ್ರತಿಭಟನೆ ನಡೆಸಿದರು. ಜಿಲ್ಲಾಧಿಕಾರಿಗಳು ಪ್ರಕರಣದ ಬಗ್ಗೆ ವರದಿ ಕೇಳಿದ್ದಾರೆ.
